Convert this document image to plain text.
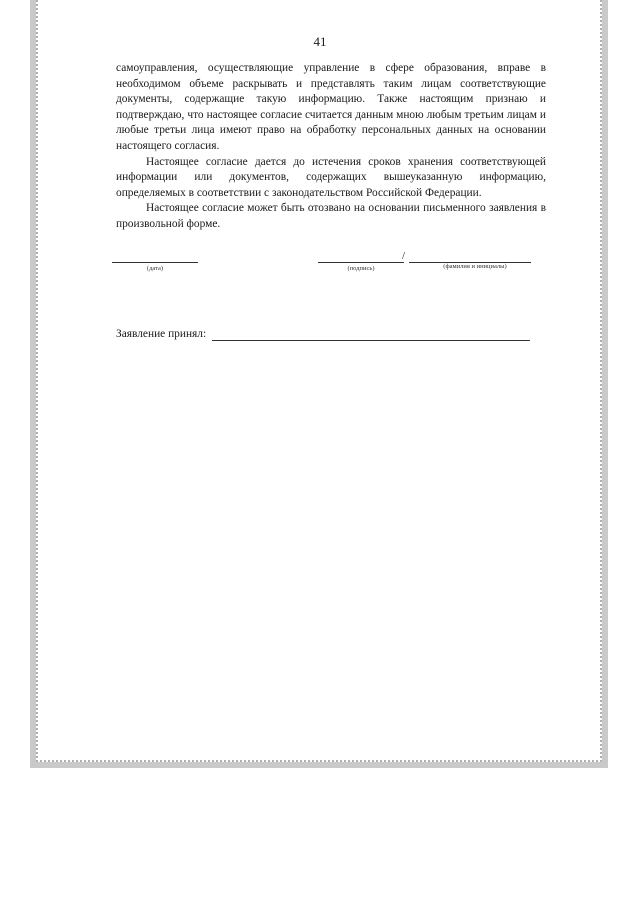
41

самоуправления, осуществляющие управление в сфере образования, вправе в необходимом объеме раскрывать и представлять таким лицам соответствующие документы, содержащие такую информацию. Также настоящим признаю и подтверждаю, что настоящее согласие считается данным мною любым третьим лицам и любые третьи лица имеют право на обработку персональных данных на основании настоящего согласия.

Настоящее согласие дается до истечения сроков хранения соответствующей информации или документов, содержащих вышеуказанную информацию, определяемых в соответствии с законодательством Российской Федерации.

Настоящее согласие может быть отозвано на основании письменного заявления в произвольной форме.

(дата)
/
(подпись)	(фамилия и инициалы)
Заявление принял:
